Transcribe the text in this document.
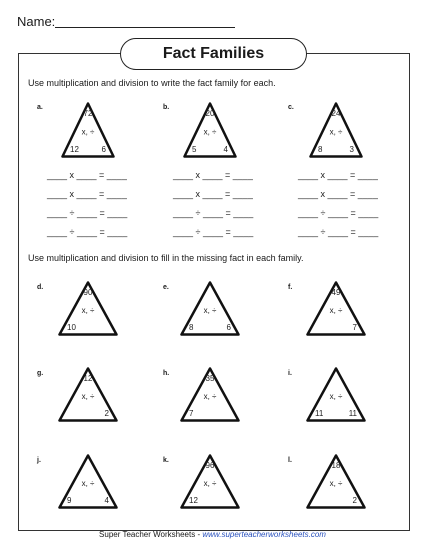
Name:
Fact Families
Use multiplication and division to write the fact family for each.
Use multiplication and division to fill in the missing fact in each family.
a.
72
x, ÷
12	6
____ x ____ = ____
____ x ____ = ____
____ ÷ ____ = ____
____ ÷ ____ = ____
b.
20
x, ÷
5	4
____ x ____ = ____
____ x ____ = ____
____ ÷ ____ = ____
____ ÷ ____ = ____
c.
24
x, ÷
8	3
____ x ____ = ____
____ x ____ = ____
____ ÷ ____ = ____
____ ÷ ____ = ____
d.
90
x, ÷
10
e.
x, ÷
8	6
f.
49
x, ÷
7
g.
12
x, ÷
2
h.
35
x, ÷
7
i.
x, ÷
11	11
j.
x, ÷
9	4
k.
96
x, ÷
12
l.
18
x, ÷
2
Super Teacher Worksheets - www.superteacherworksheets.com
